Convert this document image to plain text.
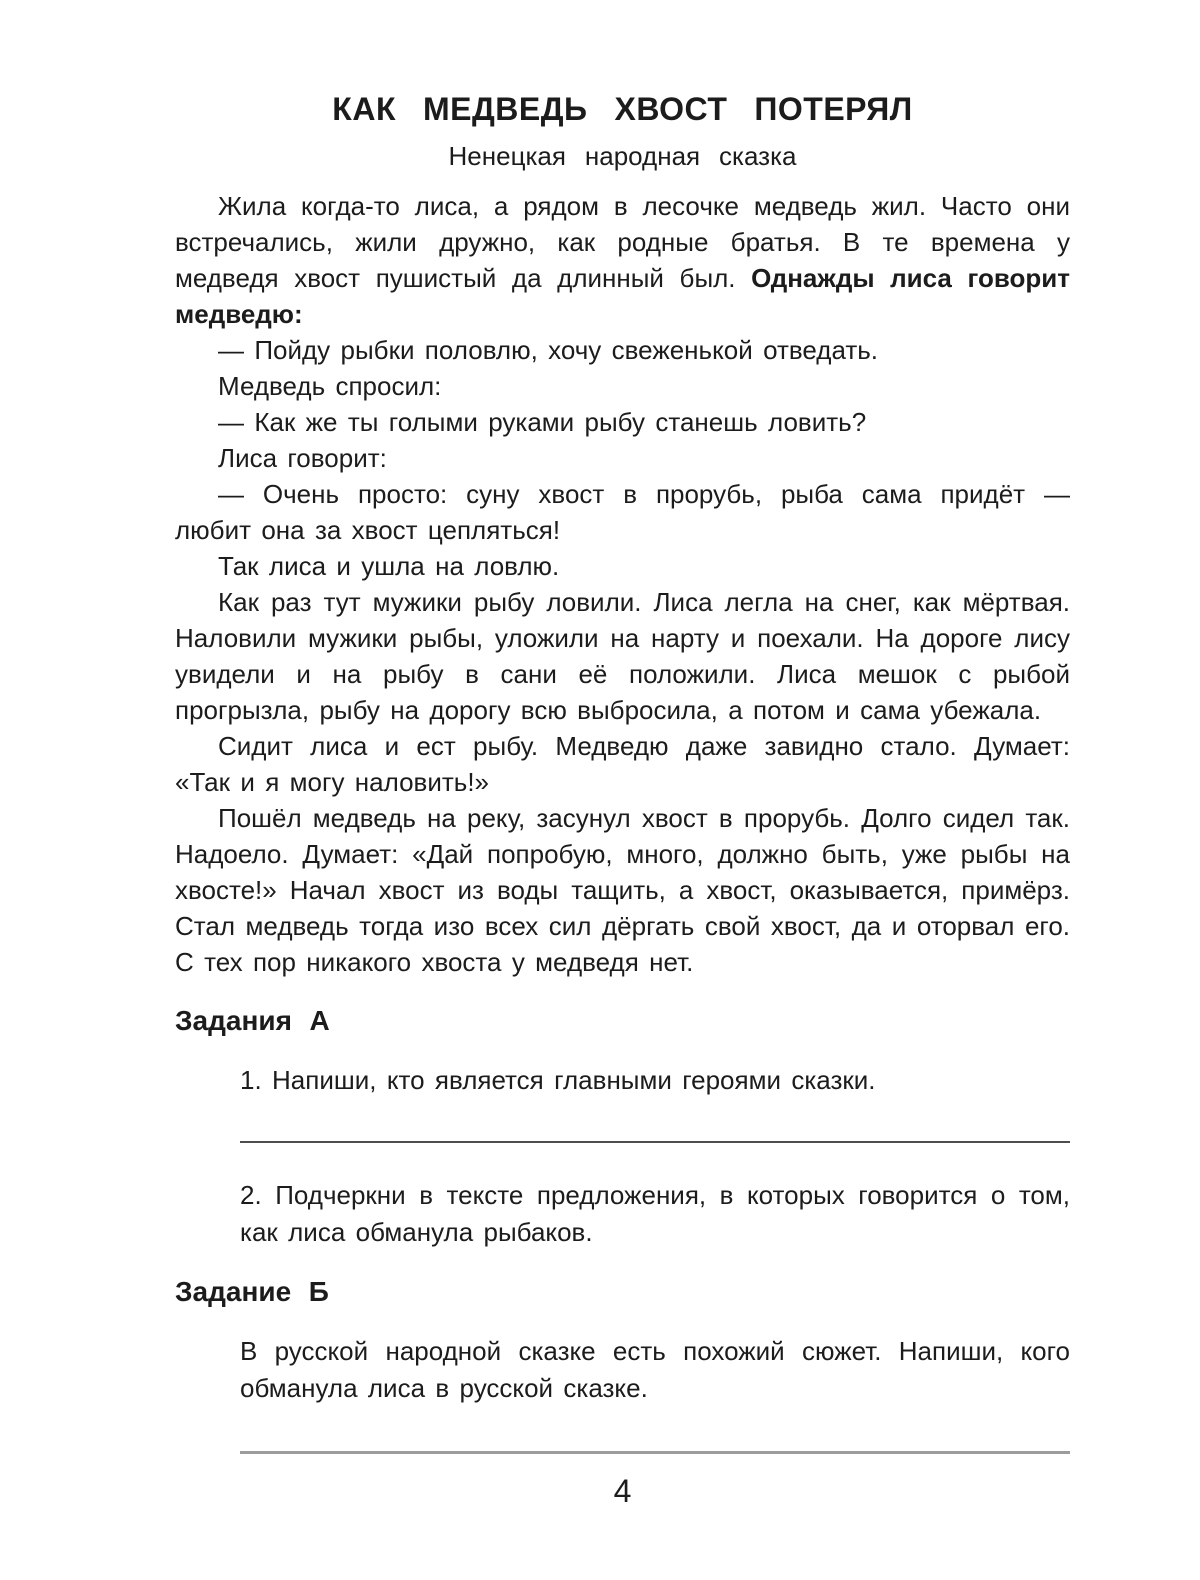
КАК МЕДВЕДЬ ХВОСТ ПОТЕРЯЛ
Ненецкая народная сказка

Жила когда-то лиса, а рядом в лесочке медведь жил. Часто они встречались, жили дружно, как родные братья. В те времена у медведя хвост пушистый да длинный был. Однажды лиса говорит медведю:

— Пойду рыбки половлю, хочу свеженькой отведать.

Медведь спросил:

— Как же ты голыми руками рыбу станешь ловить?

Лиса говорит:

— Очень просто: суну хвост в прорубь, рыба сама придёт — любит она за хвост цепляться!

Так лиса и ушла на ловлю.

Как раз тут мужики рыбу ловили. Лиса легла на снег, как мёртвая. Наловили мужики рыбы, уложили на нарту и поехали. На дороге лису увидели и на рыбу в сани её положили. Лиса мешок с рыбой прогрызла, рыбу на дорогу всю выбросила, а потом и сама убежала.

Сидит лиса и ест рыбу. Медведю даже завидно стало. Думает: «Так и я могу наловить!»

Пошёл медведь на реку, засунул хвост в прорубь. Долго сидел так. Надоело. Думает: «Дай попробую, много, должно быть, уже рыбы на хвосте!» Начал хвост из воды тащить, а хвост, оказывается, примёрз. Стал медведь тогда изо всех сил дёргать свой хвост, да и оторвал его. С тех пор никакого хвоста у медведя нет.

Задания А
1. Напиши, кто является главными героями сказки.
2. Подчеркни в тексте предложения, в которых говорится о том, как лиса обманула рыбаков.
Задание Б
В русской народной сказке есть похожий сюжет. Напиши, кого обманула лиса в русской сказке.
4
